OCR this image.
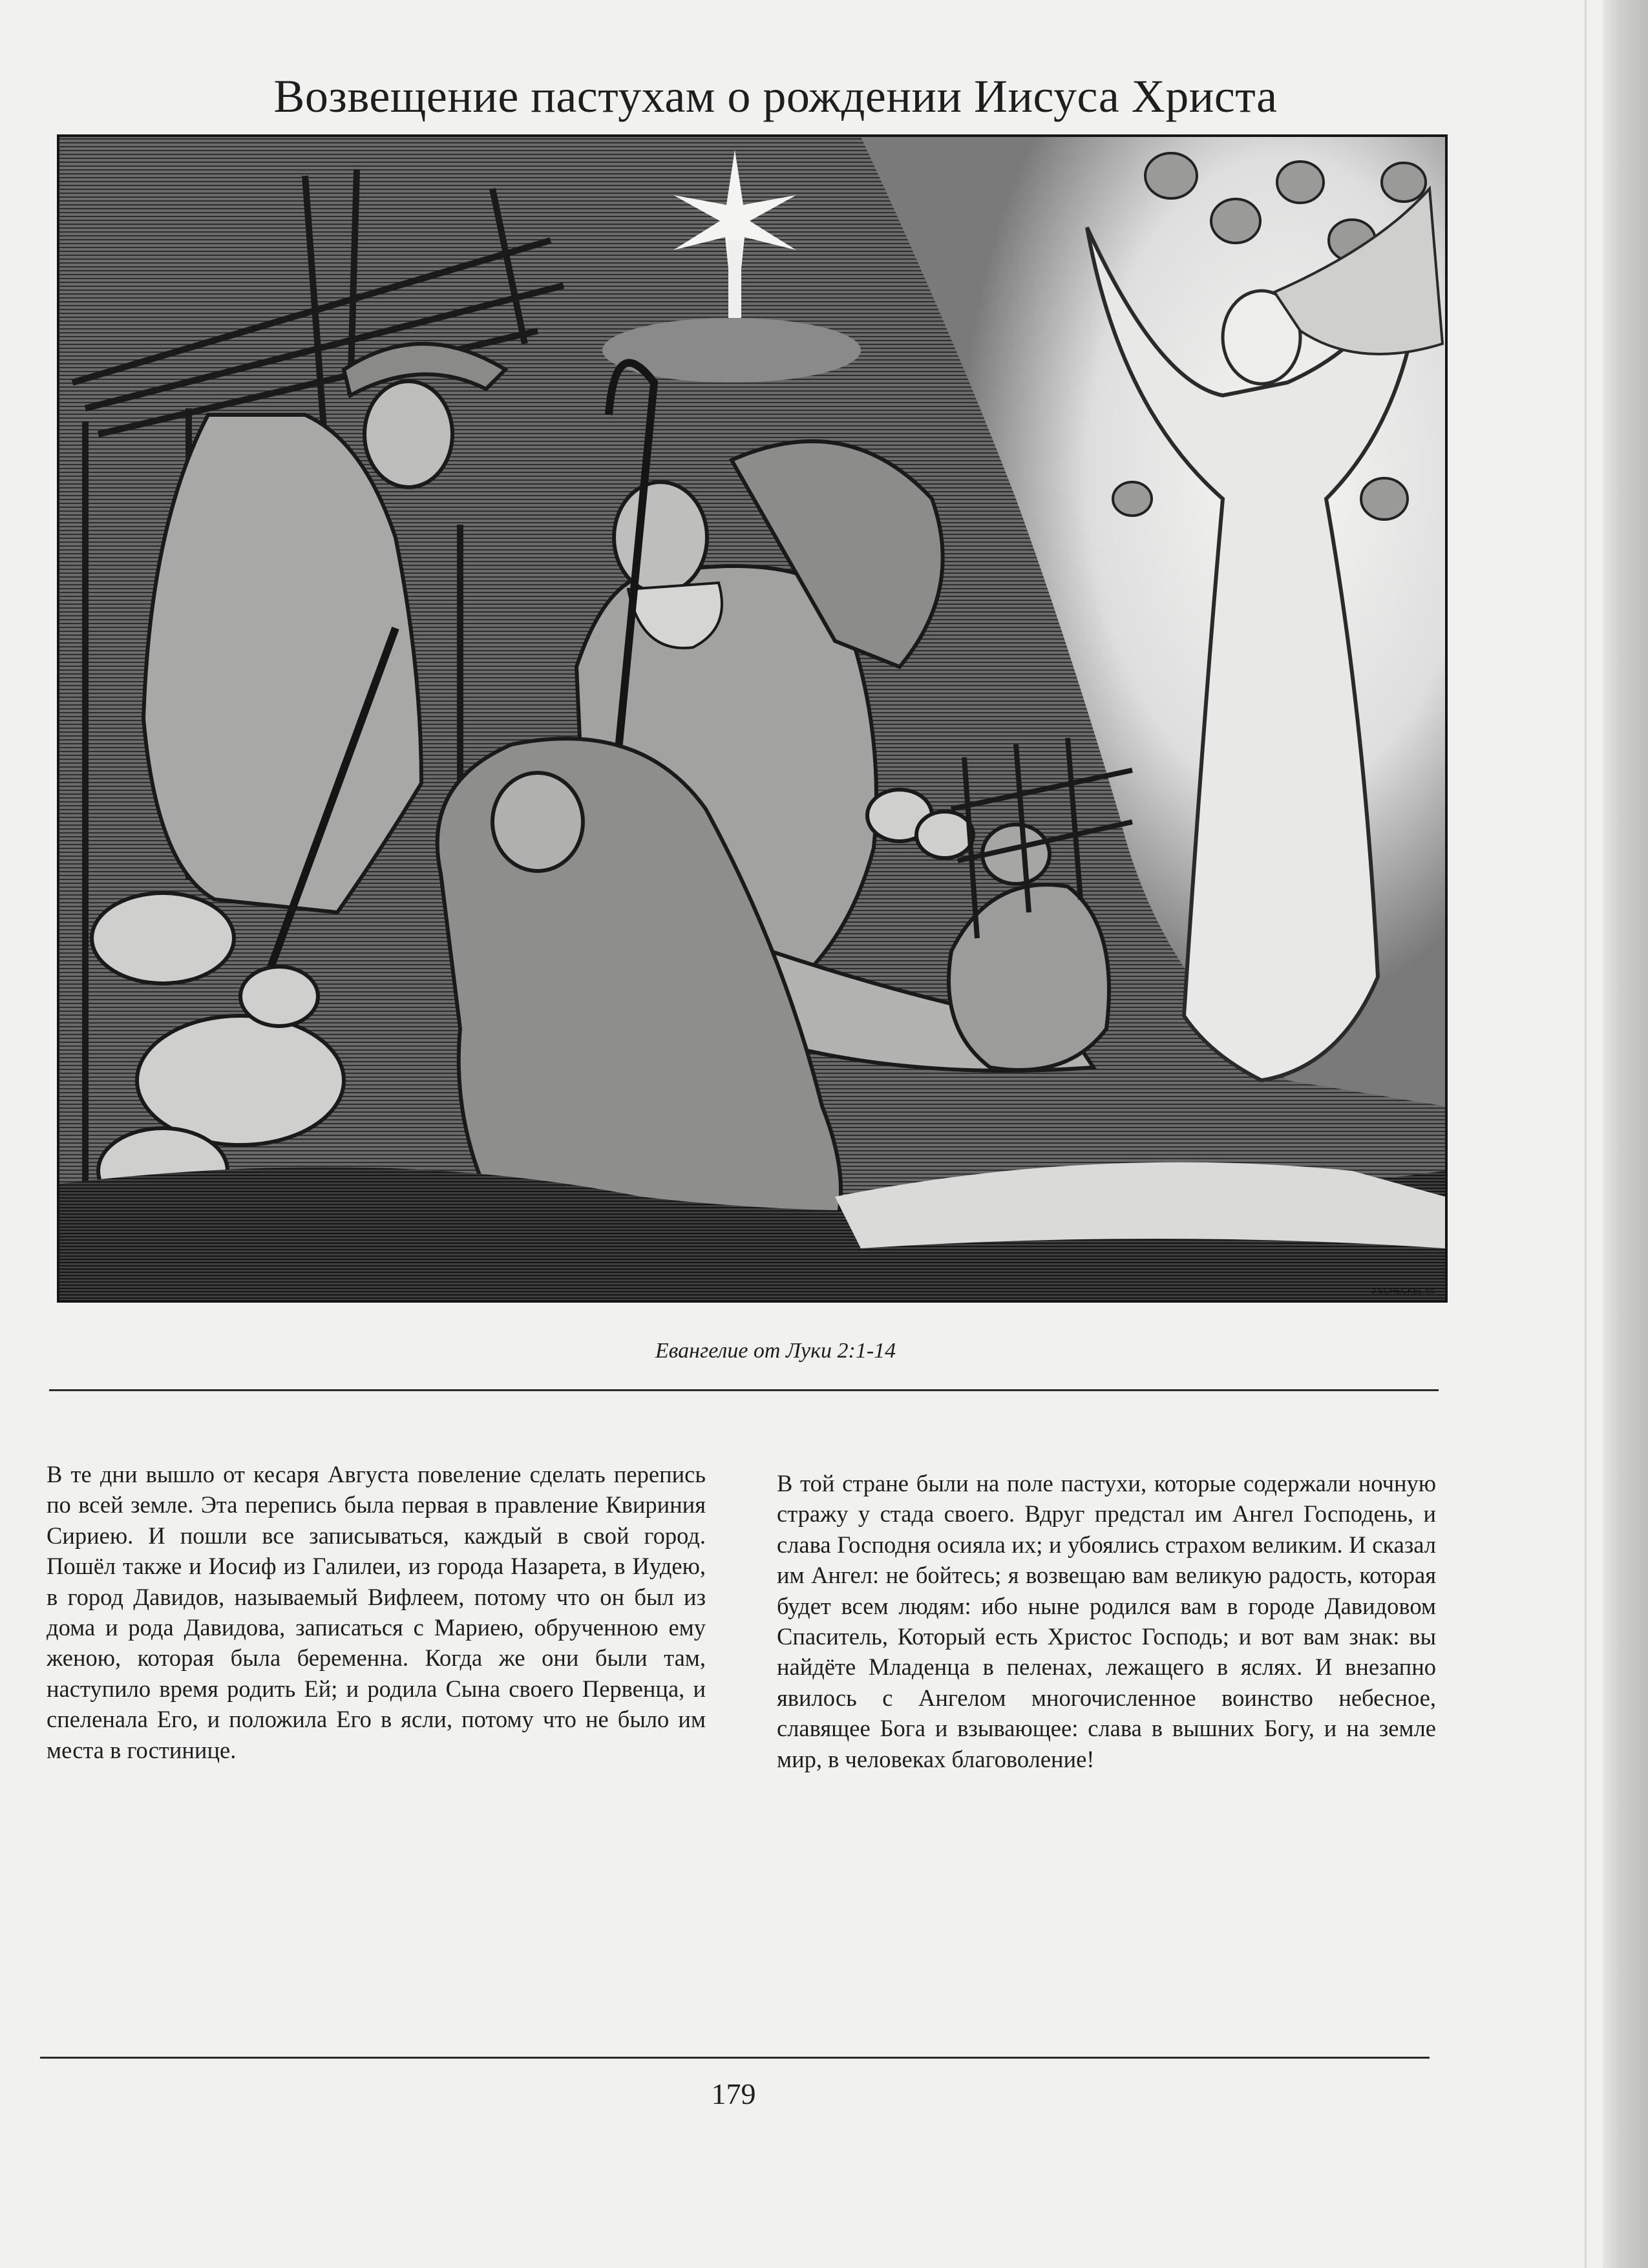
Возвещение пастухам о рождении Иисуса Христа
J.SCHECKEL sc.
Евангелие от Луки 2:1-14
В те дни вышло от кесаря Августа повеление сделать перепись по всей земле. Эта перепись была первая в правление Квириния Сириею. И пошли все записываться, каждый в свой город. Пошёл также и Иосиф из Галилеи, из города Назарета, в Иудею, в город Давидов, называемый Вифлеем, потому что он был из дома и рода Давидова, записаться с Мариею, обрученною ему женою, которая была беременна. Когда же они были там, наступило время родить Ей; и родила Сына своего Первенца, и спеленала Его, и положила Его в ясли, потому что не было им места в гостинице.
В той стране были на поле пастухи, которые содержали ночную стражу у стада своего. Вдруг предстал им Ангел Господень, и слава Господня осияла их; и убоялись страхом великим. И сказал им Ангел: не бойтесь; я возвещаю вам великую радость, которая будет всем людям: ибо ныне родился вам в городе Давидовом Спаситель, Который есть Христос Господь; и вот вам знак: вы найдёте Младенца в пеленах, лежащего в яслях. И внезапно явилось с Ангелом многочисленное воинство небесное, славящее Бога и взывающее: слава в вышних Богу, и на земле мир, в человеках благоволение!
179
